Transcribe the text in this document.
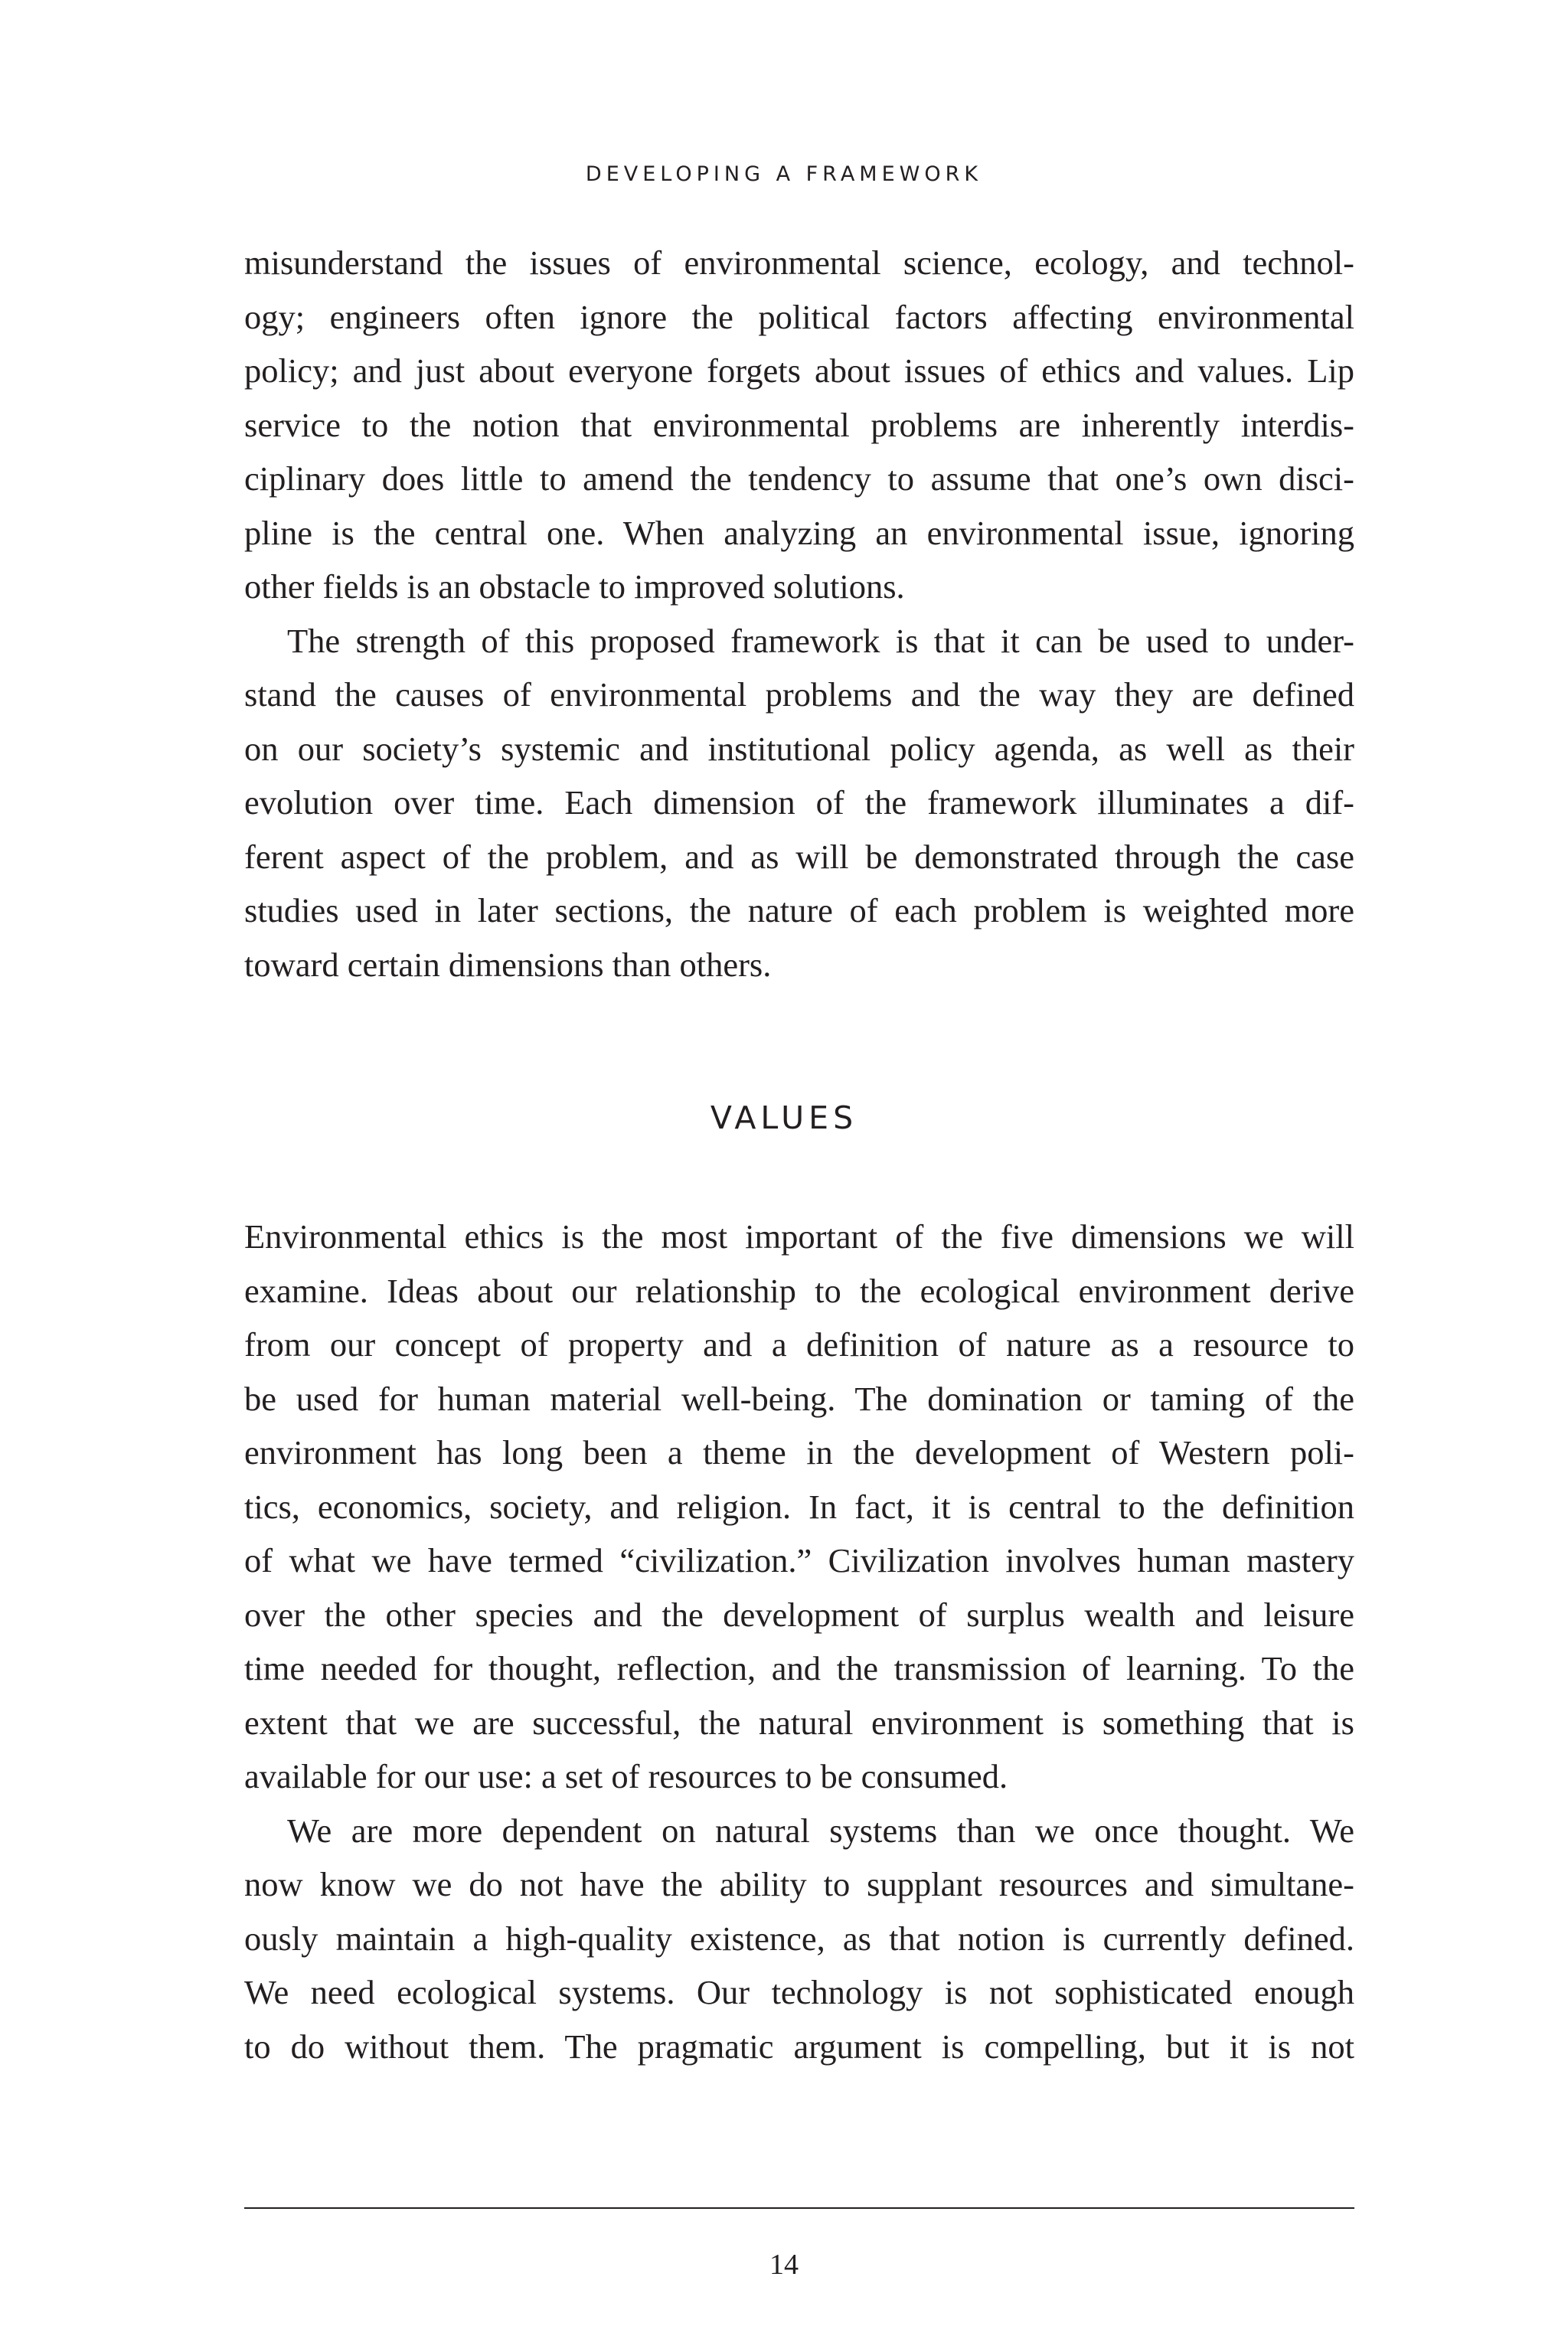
DEVELOPING A FRAMEWORK

misunderstand the issues of environmental science, ecology, and technol-
ogy; engineers often ignore the political factors affecting environmental
policy; and just about everyone forgets about issues of ethics and values. Lip
service to the notion that environmental problems are inherently interdis-
ciplinary does little to amend the tendency to assume that one’s own disci-
pline is the central one. When analyzing an environmental issue, ignoring
other fields is an obstacle to improved solutions.

The strength of this proposed framework is that it can be used to under-
stand the causes of environmental problems and the way they are defined
on our society’s systemic and institutional policy agenda, as well as their
evolution over time. Each dimension of the framework illuminates a dif-
ferent aspect of the problem, and as will be demonstrated through the case
studies used in later sections, the nature of each problem is weighted more
toward certain dimensions than others.

VALUES

Environmental ethics is the most important of the five dimensions we will
examine. Ideas about our relationship to the ecological environment derive
from our concept of property and a definition of nature as a resource to
be used for human material well-being. The domination or taming of the
environment has long been a theme in the development of Western poli-
tics, economics, society, and religion. In fact, it is central to the definition
of what we have termed “civilization.” Civilization involves human mastery
over the other species and the development of surplus wealth and leisure
time needed for thought, reflection, and the transmission of learning. To the
extent that we are successful, the natural environment is something that is
available for our use: a set of resources to be consumed.

We are more dependent on natural systems than we once thought. We
now know we do not have the ability to supplant resources and simultane-
ously maintain a high-quality existence, as that notion is currently defined.
We need ecological systems. Our technology is not sophisticated enough
to do without them. The pragmatic argument is compelling, but it is not

14
